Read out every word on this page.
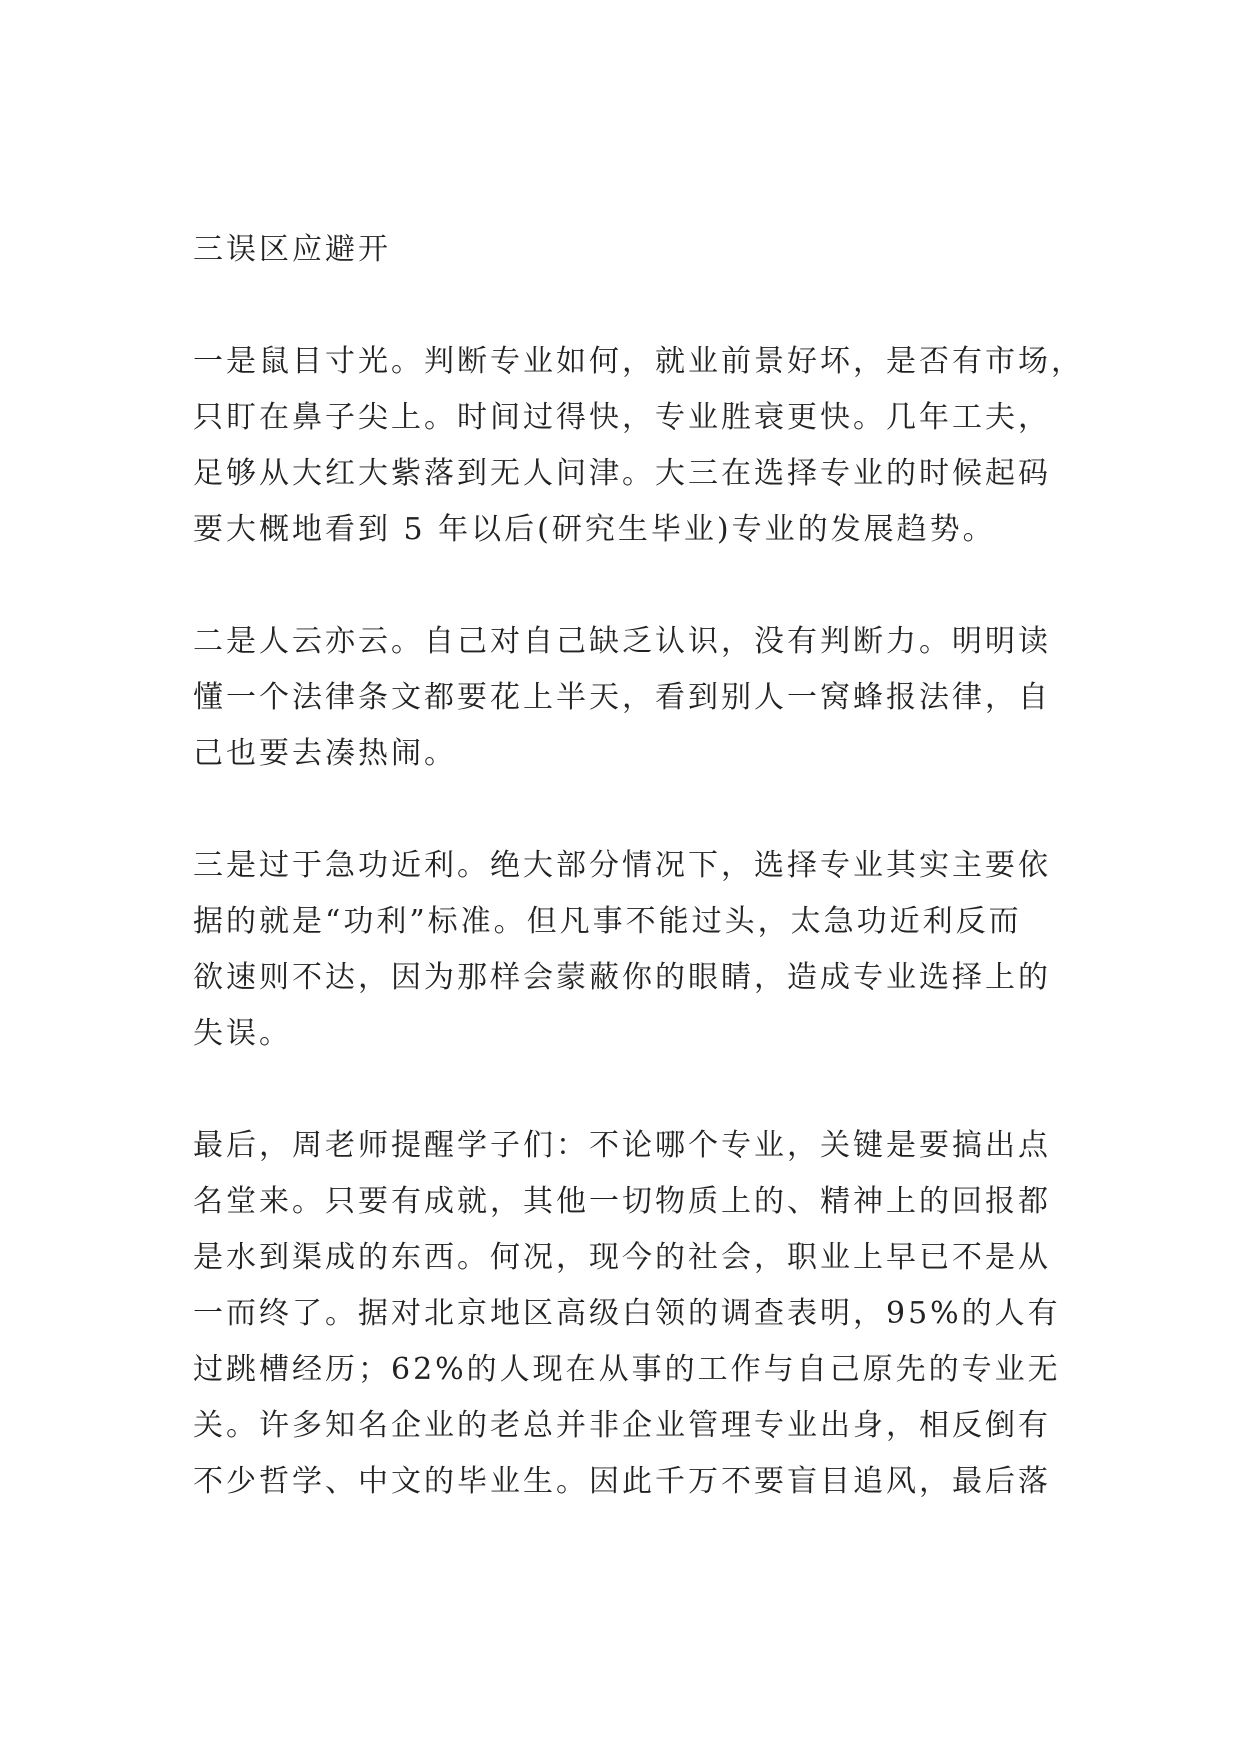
三误区应避开
一是鼠目寸光。判断专业如何，就业前景好坏，是否有市场，
只盯在鼻子尖上。时间过得快，专业胜衰更快。几年工夫，
足够从大红大紫落到无人问津。大三在选择专业的时候起码
要大概地看到 5 年以后(研究生毕业)专业的发展趋势。
二是人云亦云。自己对自己缺乏认识，没有判断力。明明读
懂一个法律条文都要花上半天，看到别人一窝蜂报法律，自
己也要去凑热闹。
三是过于急功近利。绝大部分情况下，选择专业其实主要依
据的就是“功利”标准。但凡事不能过头，太急功近利反而
欲速则不达，因为那样会蒙蔽你的眼睛，造成专业选择上的
失误。
最后，周老师提醒学子们：不论哪个专业，关键是要搞出点
名堂来。只要有成就，其他一切物质上的、精神上的回报都
是水到渠成的东西。何况，现今的社会，职业上早已不是从
一而终了。据对北京地区高级白领的调查表明，95%的人有
过跳槽经历；62%的人现在从事的工作与自己原先的专业无
关。许多知名企业的老总并非企业管理专业出身，相反倒有
不少哲学、中文的毕业生。因此千万不要盲目追风，最后落
